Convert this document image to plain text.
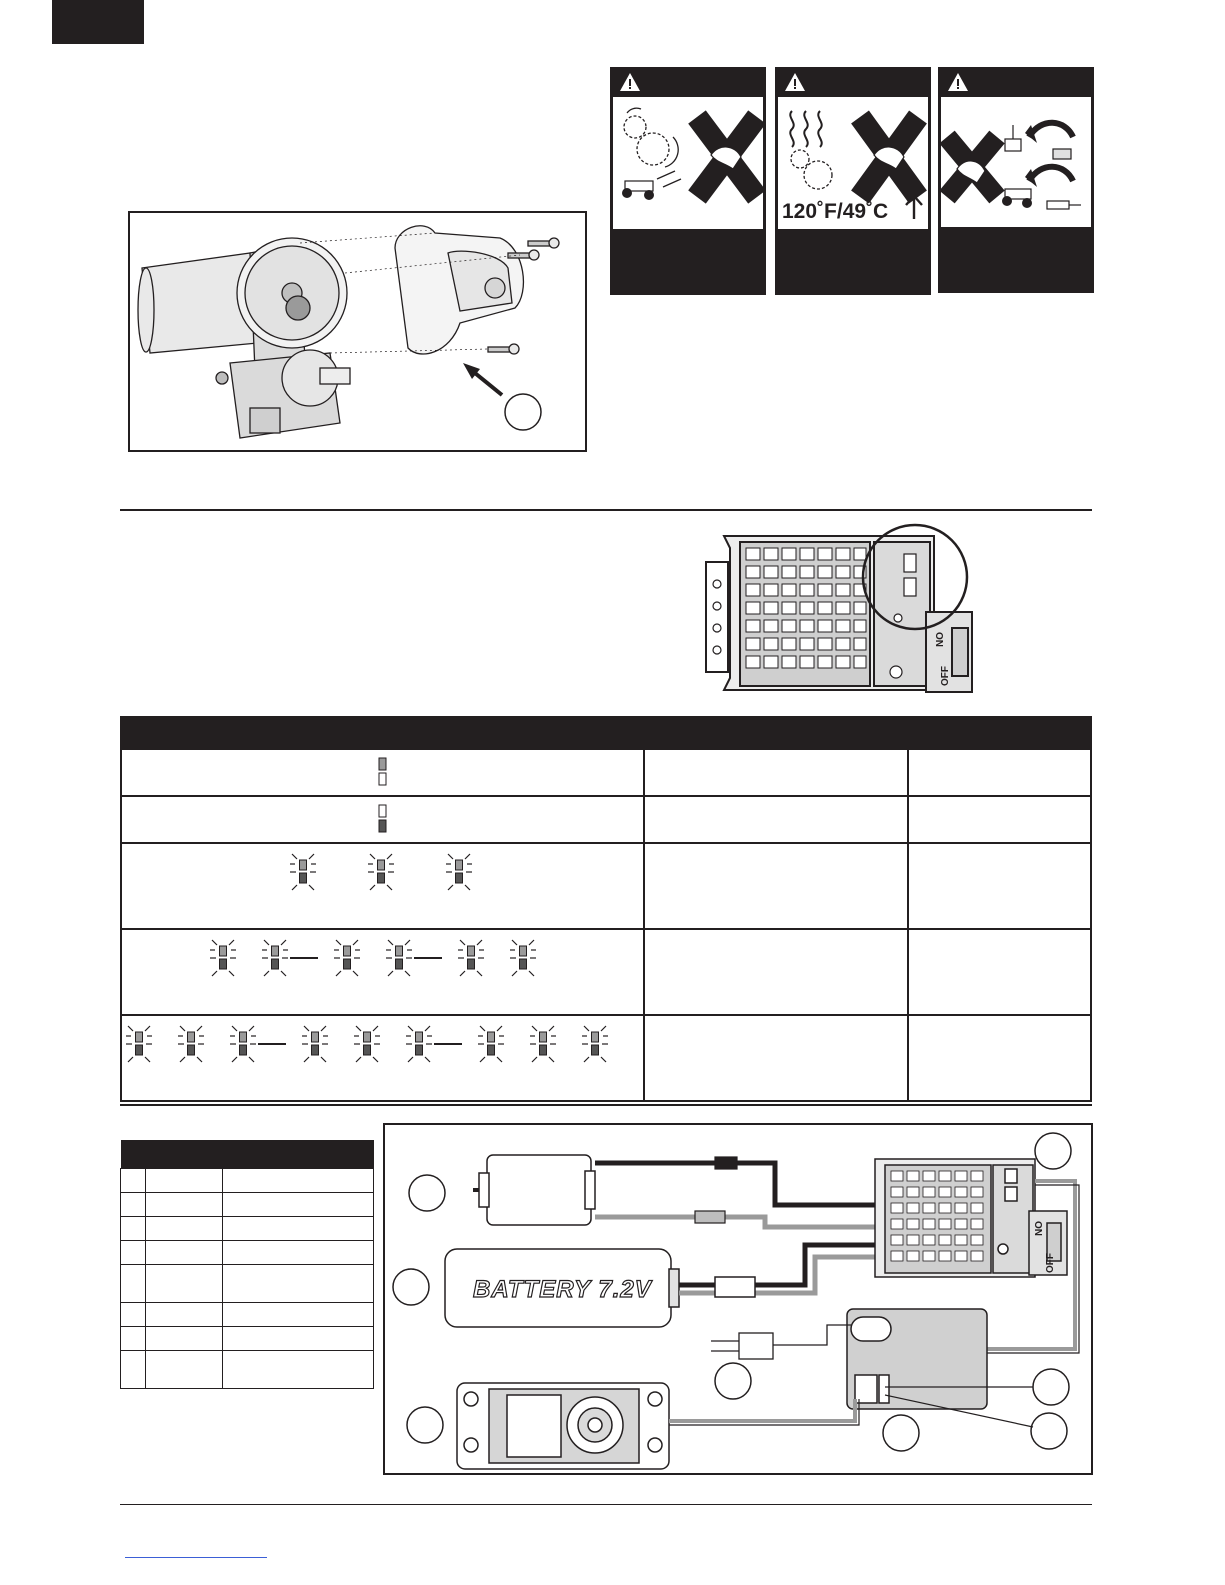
120˚F/49˚C
ON
OFF

BATTERY 7.2V
ON
OFF
